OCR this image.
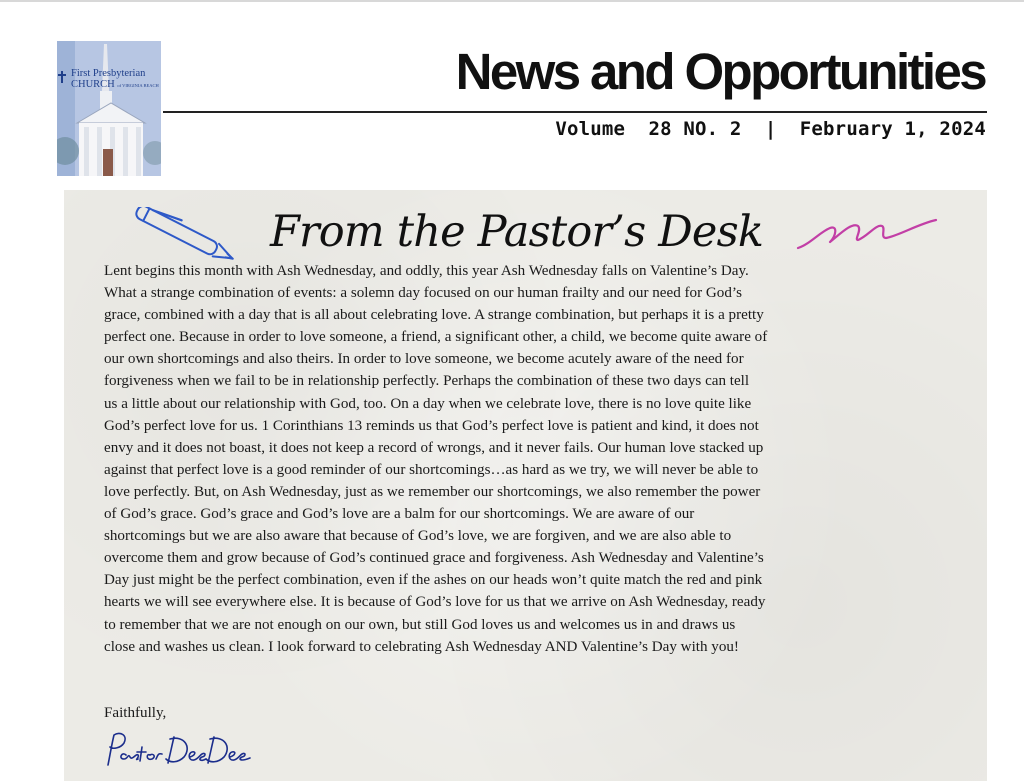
First Presbyterian
CHURCH of VIRGINIA BEACH	News and Opportunities
Volume  28 NO. 2  |  February 1, 2024
From the Pastor’s Desk
Lent begins this month with Ash Wednesday, and oddly, this year Ash Wednesday falls on Valentine’s Day.
What a strange combination of events: a solemn day focused on our human frailty and our need for God’s
grace, combined with a day that is all about celebrating love. A strange combination, but perhaps it is a pretty
perfect one. Because in order to love someone, a friend, a significant other, a child, we become quite aware of
our own shortcomings and also theirs. In order to love someone, we become acutely aware of the need for
forgiveness when we fail to be in relationship perfectly. Perhaps the combination of these two days can tell
us a little about our relationship with God, too. On a day when we celebrate love, there is no love quite like
God’s perfect love for us. 1 Corinthians 13 reminds us that God’s perfect love is patient and kind, it does not
envy and it does not boast, it does not keep a record of wrongs, and it never fails. Our human love stacked up
against that perfect love is a good reminder of our shortcomings…as hard as we try, we will never be able to
love perfectly. But, on Ash Wednesday, just as we remember our shortcomings, we also remember the power
of God’s grace. God’s grace and God’s love are a balm for our shortcomings. We are aware of our
shortcomings but we are also aware that because of God’s love, we are forgiven, and we are also able to
overcome them and grow because of God’s continued grace and forgiveness. Ash Wednesday and Valentine’s
Day just might be the perfect combination, even if the ashes on our heads won’t quite match the red and pink
hearts we will see everywhere else. It is because of God’s love for us that we arrive on Ash Wednesday, ready
to remember that we are not enough on our own, but still God loves us and welcomes us in and draws us
close and washes us clean. I look forward to celebrating Ash Wednesday AND Valentine’s Day with you!
Faithfully,
